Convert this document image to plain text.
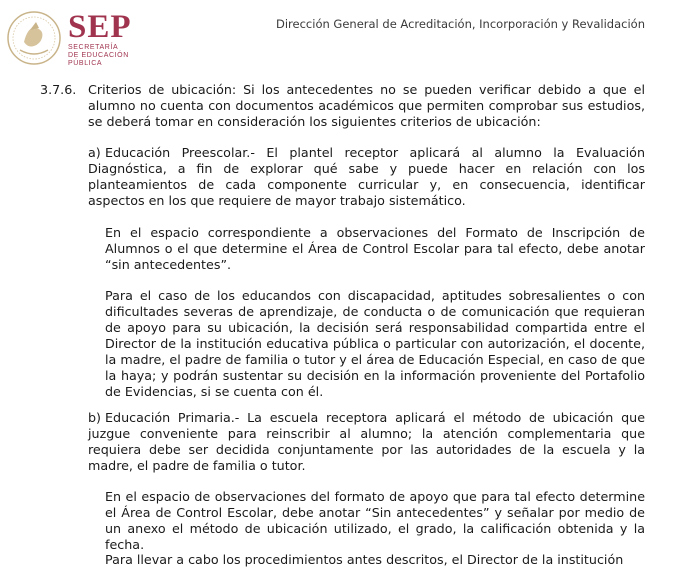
SEP
SECRETARÍA
DE EDUCACIÓN
PÚBLICA
Dirección General de Acreditación, Incorporación y Revalidación
3.7.6. Criterios de ubicación: Si los antecedentes no se pueden verificar debido a que el alumno no cuenta con documentos académicos que permiten comprobar sus estudios, se deberá tomar en consideración los siguientes criterios de ubicación:

a) Educación Preescolar.- El plantel receptor aplicará al alumno la Evaluación Diagnóstica, a fin de explorar qué sabe y puede hacer en relación con los planteamientos de cada componente curricular y, en consecuencia, identificar aspectos en los que requiere de mayor trabajo sistemático.

En el espacio correspondiente a observaciones del Formato de Inscripción de Alumnos o el que determine el Área de Control Escolar para tal efecto, debe anotar “sin antecedentes”.

Para el caso de los educandos con discapacidad, aptitudes sobresalientes o con dificultades severas de aprendizaje, de conducta o de comunicación que requieran de apoyo para su ubicación, la decisión será responsabilidad compartida entre el Director de la institución educativa pública o particular con autorización, el docente, la madre, el padre de familia o tutor y el área de Educación Especial, en caso de que la haya; y podrán sustentar su decisión en la información proveniente del Portafolio de Evidencias, si se cuenta con él.

b) Educación Primaria.- La escuela receptora aplicará el método de ubicación que juzgue conveniente para reinscribir al alumno; la atención complementaria que requiera debe ser decidida conjuntamente por las autoridades de la escuela y la madre, el padre de familia o tutor.

En el espacio de observaciones del formato de apoyo que para tal efecto determine el Área de Control Escolar, debe anotar “Sin antecedentes” y señalar por medio de un anexo el método de ubicación utilizado, el grado, la calificación obtenida y la fecha.

Para llevar a cabo los procedimientos antes descritos, el Director de la institución
